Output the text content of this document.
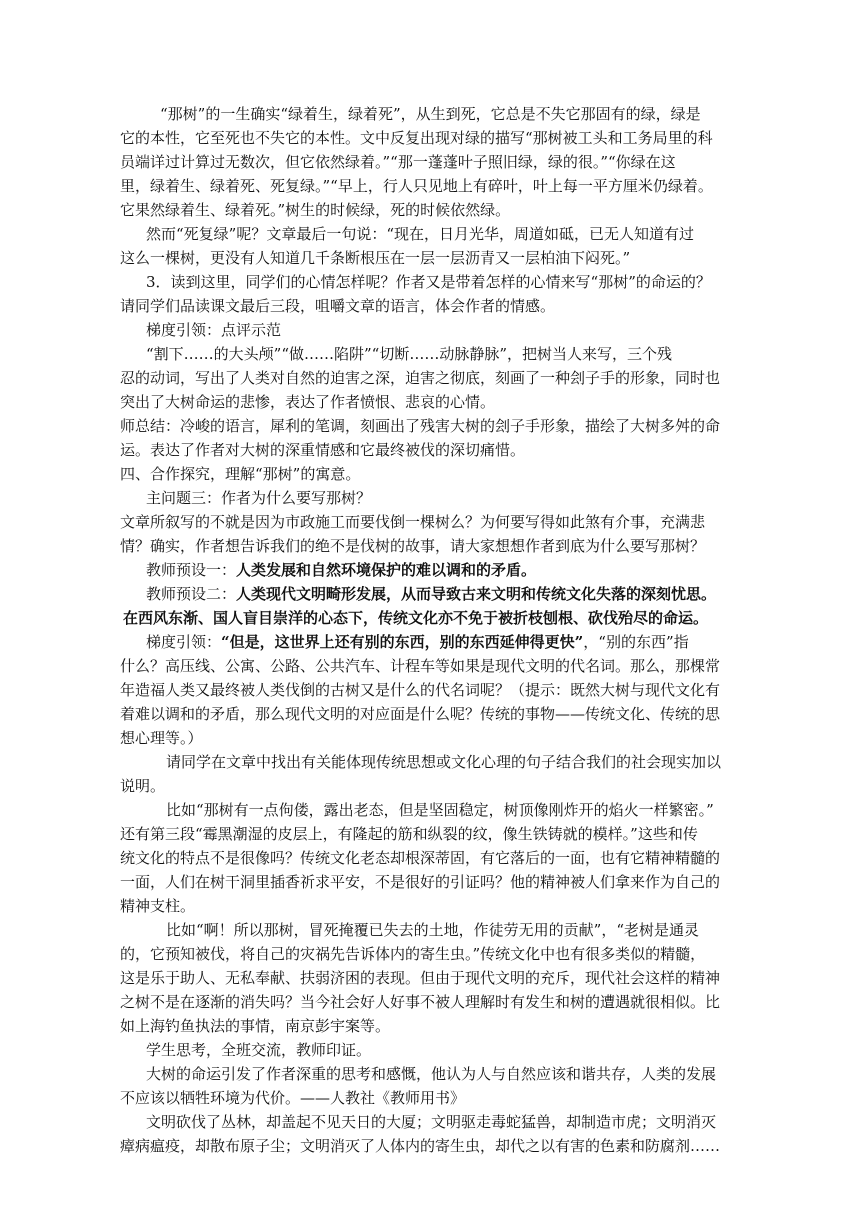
“那树”的一生确实“绿着生，绿着死”，从生到死，它总是不失它那固有的绿，绿是
它的本性，它至死也不失它的本性。文中反复出现对绿的描写“那树被工头和工务局里的科
员端详过计算过无数次，但它依然绿着。”“那一蓬蓬叶子照旧绿，绿的很。”“你绿在这
里，绿着生、绿着死、死复绿。”“早上，行人只见地上有碎叶，叶上每一平方厘米仍绿着。
它果然绿着生、绿着死。”树生的时候绿，死的时候依然绿。
然而“死复绿”呢？文章最后一句说：“现在，日月光华，周道如砥，已无人知道有过
这么一棵树，更没有人知道几千条断根压在一层一层沥青又一层柏油下闷死。”
3．读到这里，同学们的心情怎样呢？作者又是带着怎样的心情来写“那树”的命运的？
请同学们品读课文最后三段，咀嚼文章的语言，体会作者的情感。
梯度引领：点评示范
“割下……的大头颅”“做……陷阱”“切断……动脉静脉”，把树当人来写，三个残
忍的动词，写出了人类对自然的迫害之深，迫害之彻底，刻画了一种刽子手的形象，同时也
突出了大树命运的悲惨，表达了作者愤恨、悲哀的心情。
师总结：冷峻的语言，犀利的笔调，刻画出了残害大树的刽子手形象，描绘了大树多舛的命
运。表达了作者对大树的深重情感和它最终被伐的深切痛惜。
四、合作探究，理解“那树”的寓意。
主问题三：作者为什么要写那树？
文章所叙写的不就是因为市政施工而要伐倒一棵树么？为何要写得如此煞有介事，充满悲
情？确实，作者想告诉我们的绝不是伐树的故事，请大家想想作者到底为什么要写那树？
教师预设一：人类发展和自然环境保护的难以调和的矛盾。
教师预设二：人类现代文明畸形发展，从而导致古来文明和传统文化失落的深刻忧思。
在西风东渐、国人盲目崇洋的心态下，传统文化亦不免于被折枝刨根、砍伐殆尽的命运。
梯度引领：“但是，这世界上还有别的东西，别的东西延伸得更快”，“别的东西”指
什么？高压线、公寓、公路、公共汽车、计程车等如果是现代文明的代名词。那么，那棵常
年造福人类又最终被人类伐倒的古树又是什么的代名词呢？（提示：既然大树与现代文化有
着难以调和的矛盾，那么现代文明的对应面是什么呢？传统的事物——传统文化、传统的思
想心理等。）
请同学在文章中找出有关能体现传统思想或文化心理的句子结合我们的社会现实加以
说明。
比如“那树有一点佝偻，露出老态，但是坚固稳定，树顶像刚炸开的焰火一样繁密。”
还有第三段“霉黑潮湿的皮层上，有隆起的筋和纵裂的纹，像生铁铸就的模样。”这些和传
统文化的特点不是很像吗？传统文化老态却根深蒂固，有它落后的一面，也有它精神精髓的
一面，人们在树干洞里插香祈求平安，不是很好的引证吗？他的精神被人们拿来作为自己的
精神支柱。
比如“啊！所以那树，冒死掩覆已失去的土地，作徒劳无用的贡献”，“老树是通灵
的，它预知被伐，将自己的灾祸先告诉体内的寄生虫。”传统文化中也有很多类似的精髓，
这是乐于助人、无私奉献、扶弱济困的表现。但由于现代文明的充斥，现代社会这样的精神
之树不是在逐渐的消失吗？当今社会好人好事不被人理解时有发生和树的遭遇就很相似。比
如上海钓鱼执法的事情，南京彭宇案等。
学生思考，全班交流，教师印证。
大树的命运引发了作者深重的思考和感慨，他认为人与自然应该和谐共存，人类的发展
不应该以牺牲环境为代价。——人教社《教师用书》
文明砍伐了丛林，却盖起不见天日的大厦；文明驱走毒蛇猛兽，却制造市虎；文明消灭
瘴病瘟疫，却散布原子尘；文明消灭了人体内的寄生虫，却代之以有害的色素和防腐剂……
